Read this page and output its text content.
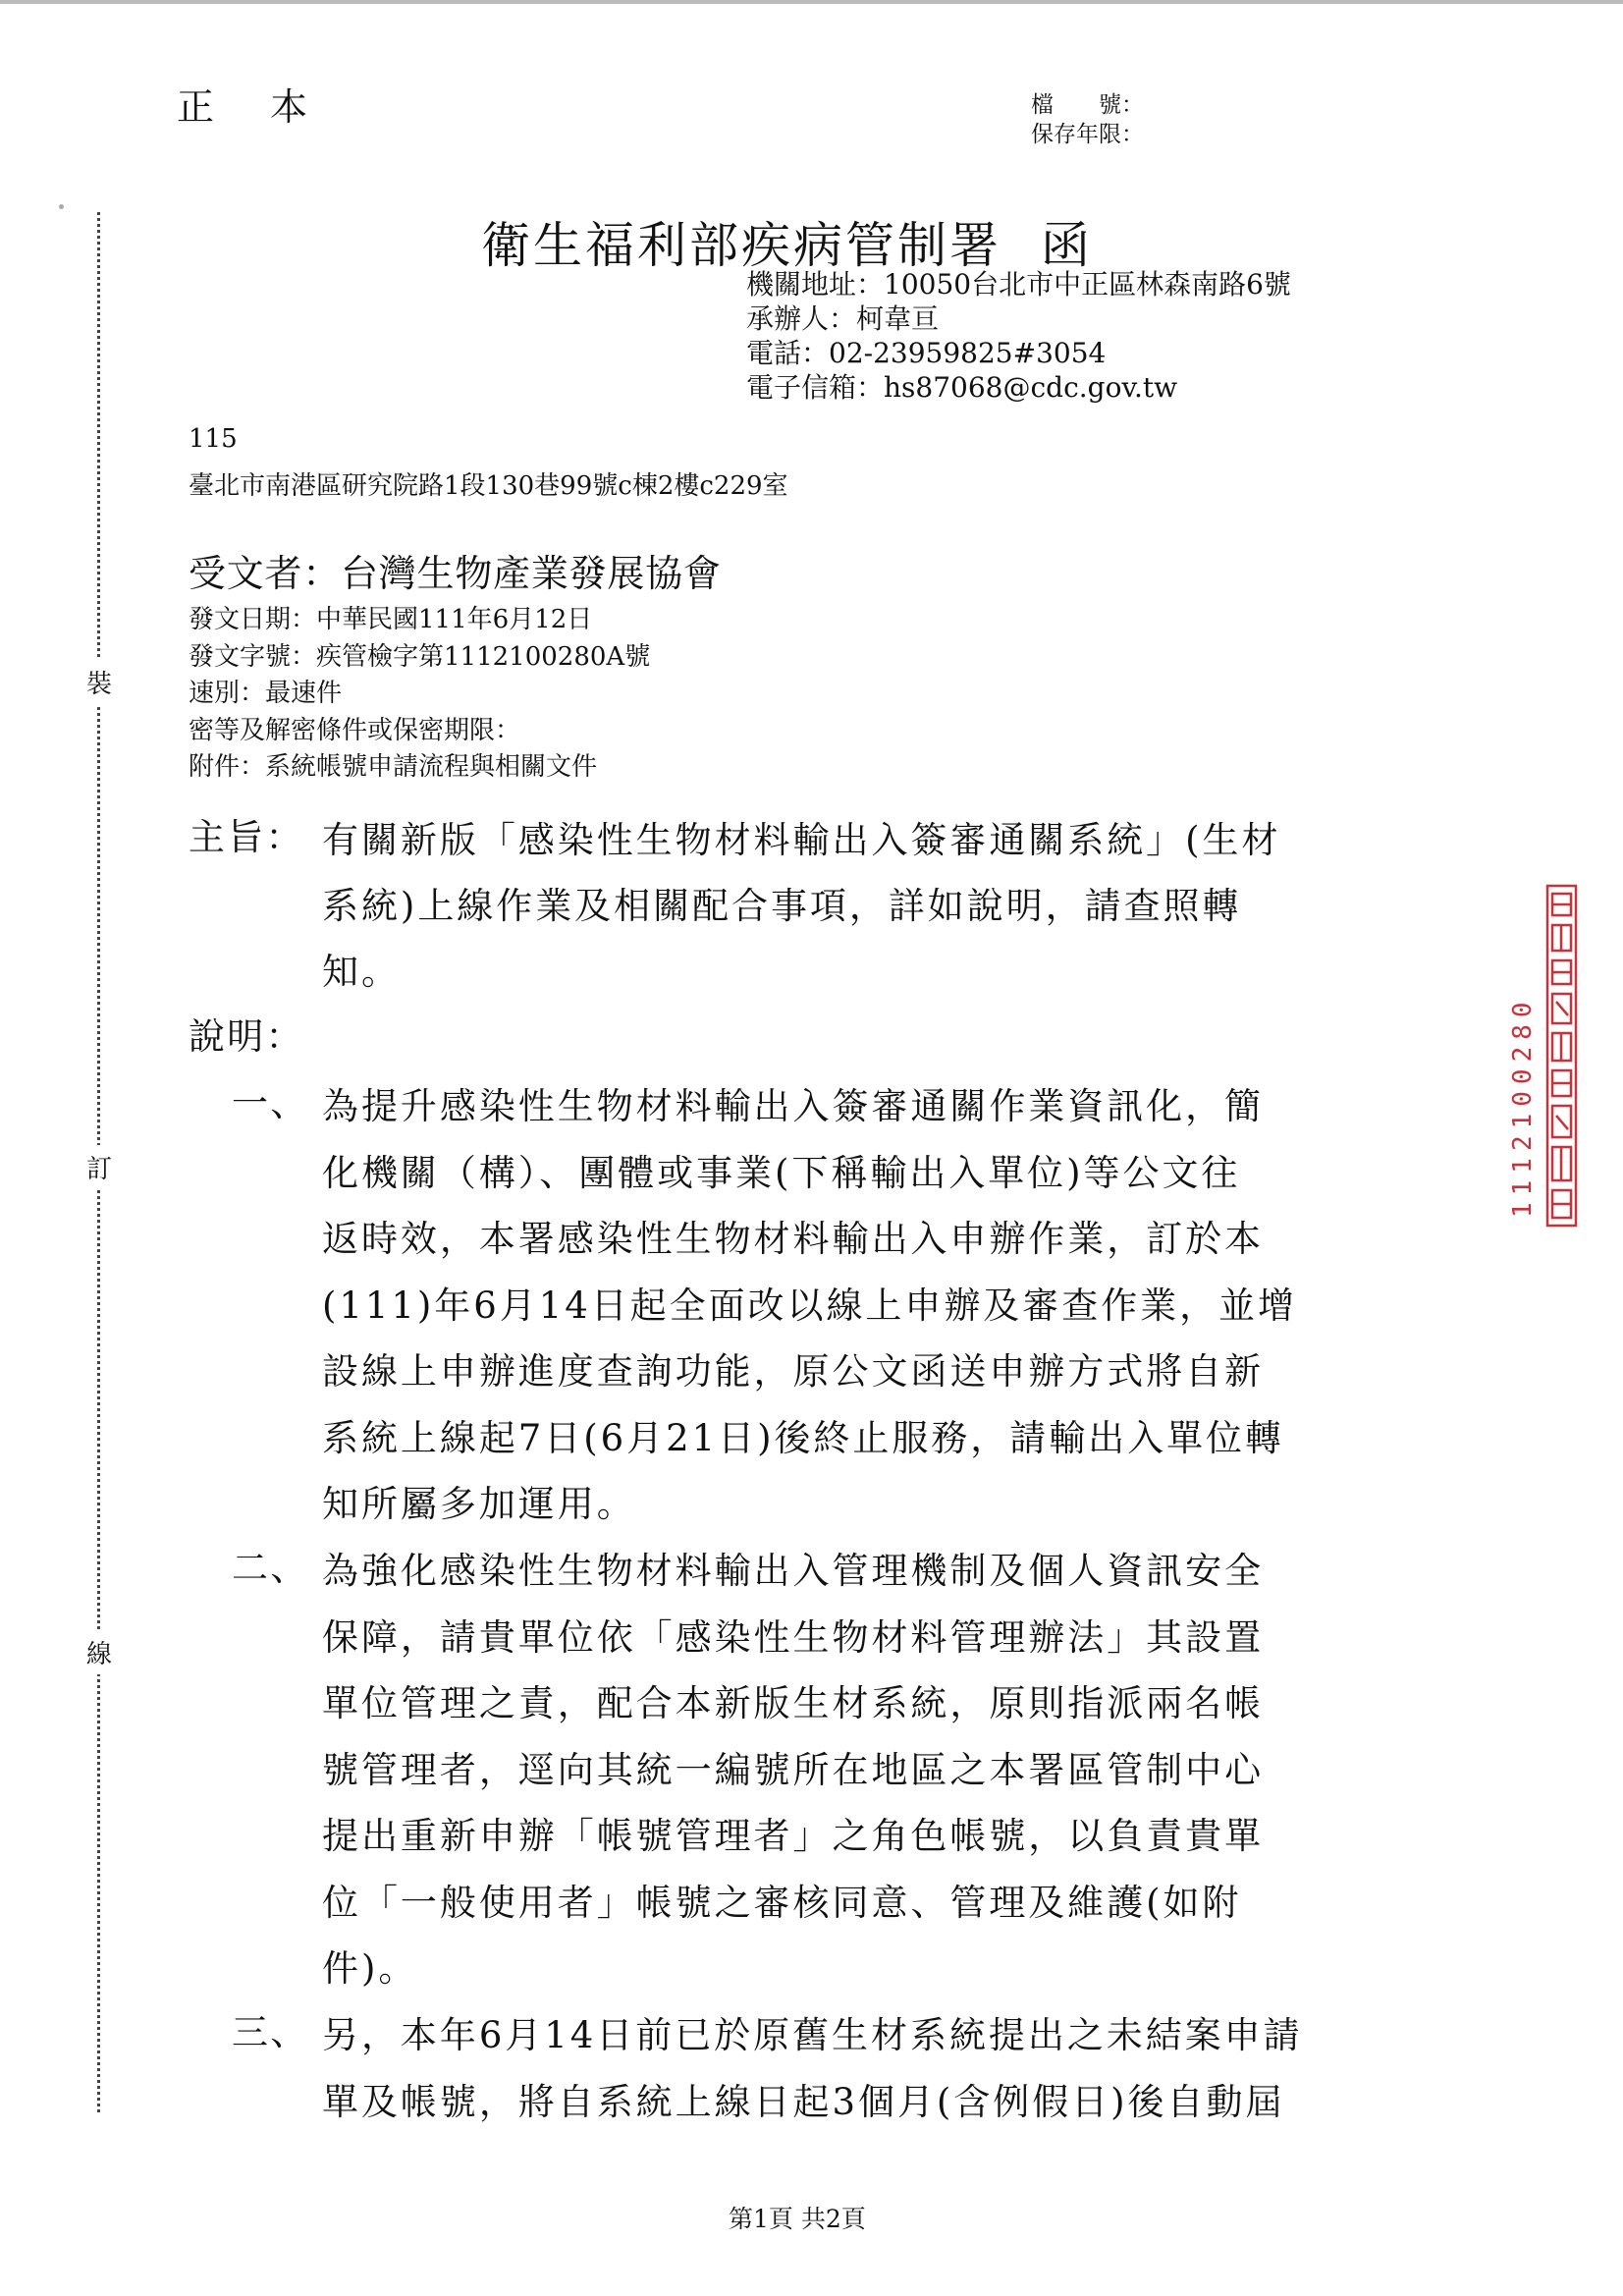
裝
訂
線
正　本	檔　　號：
保存年限：
衛生福利部疾病管制署 函
機關地址：10050台北市中正區林森南路6號
承辦人：柯韋亘
電話：02-23959825#3054
電子信箱：hs87068@cdc.gov.tw
115
臺北市南港區研究院路1段130巷99號c棟2樓c229室
受文者：台灣生物產業發展協會
發文日期：中華民國111年6月12日
發文字號：疾管檢字第1112100280A號
速別：最速件
密等及解密條件或保密期限：
附件：系統帳號申請流程與相關文件
主旨： 有關新版「感染性生物材料輸出入簽審通關系統」(生材
系統)上線作業及相關配合事項，詳如說明，請查照轉
知。
說明：
一、 為提升感染性生物材料輸出入簽審通關作業資訊化，簡
化機關（構）、團體或事業(下稱輸出入單位)等公文往
返時效，本署感染性生物材料輸出入申辦作業，訂於本
(111)年6月14日起全面改以線上申辦及審查作業，並增
設線上申辦進度查詢功能，原公文函送申辦方式將自新
系統上線起7日(6月21日)後終止服務，請輸出入單位轉
知所屬多加運用。
二、 為強化感染性生物材料輸出入管理機制及個人資訊安全
保障，請貴單位依「感染性生物材料管理辦法」其設置
單位管理之責，配合本新版生材系統，原則指派兩名帳
號管理者，逕向其統一編號所在地區之本署區管制中心
提出重新申辦「帳號管理者」之角色帳號，以負責貴單
位「一般使用者」帳號之審核同意、管理及維護(如附
件)。
三、 另，本年6月14日前已於原舊生材系統提出之未結案申請
單及帳號，將自系統上線日起3個月(含例假日)後自動屆
1112100280
第1頁 共2頁
